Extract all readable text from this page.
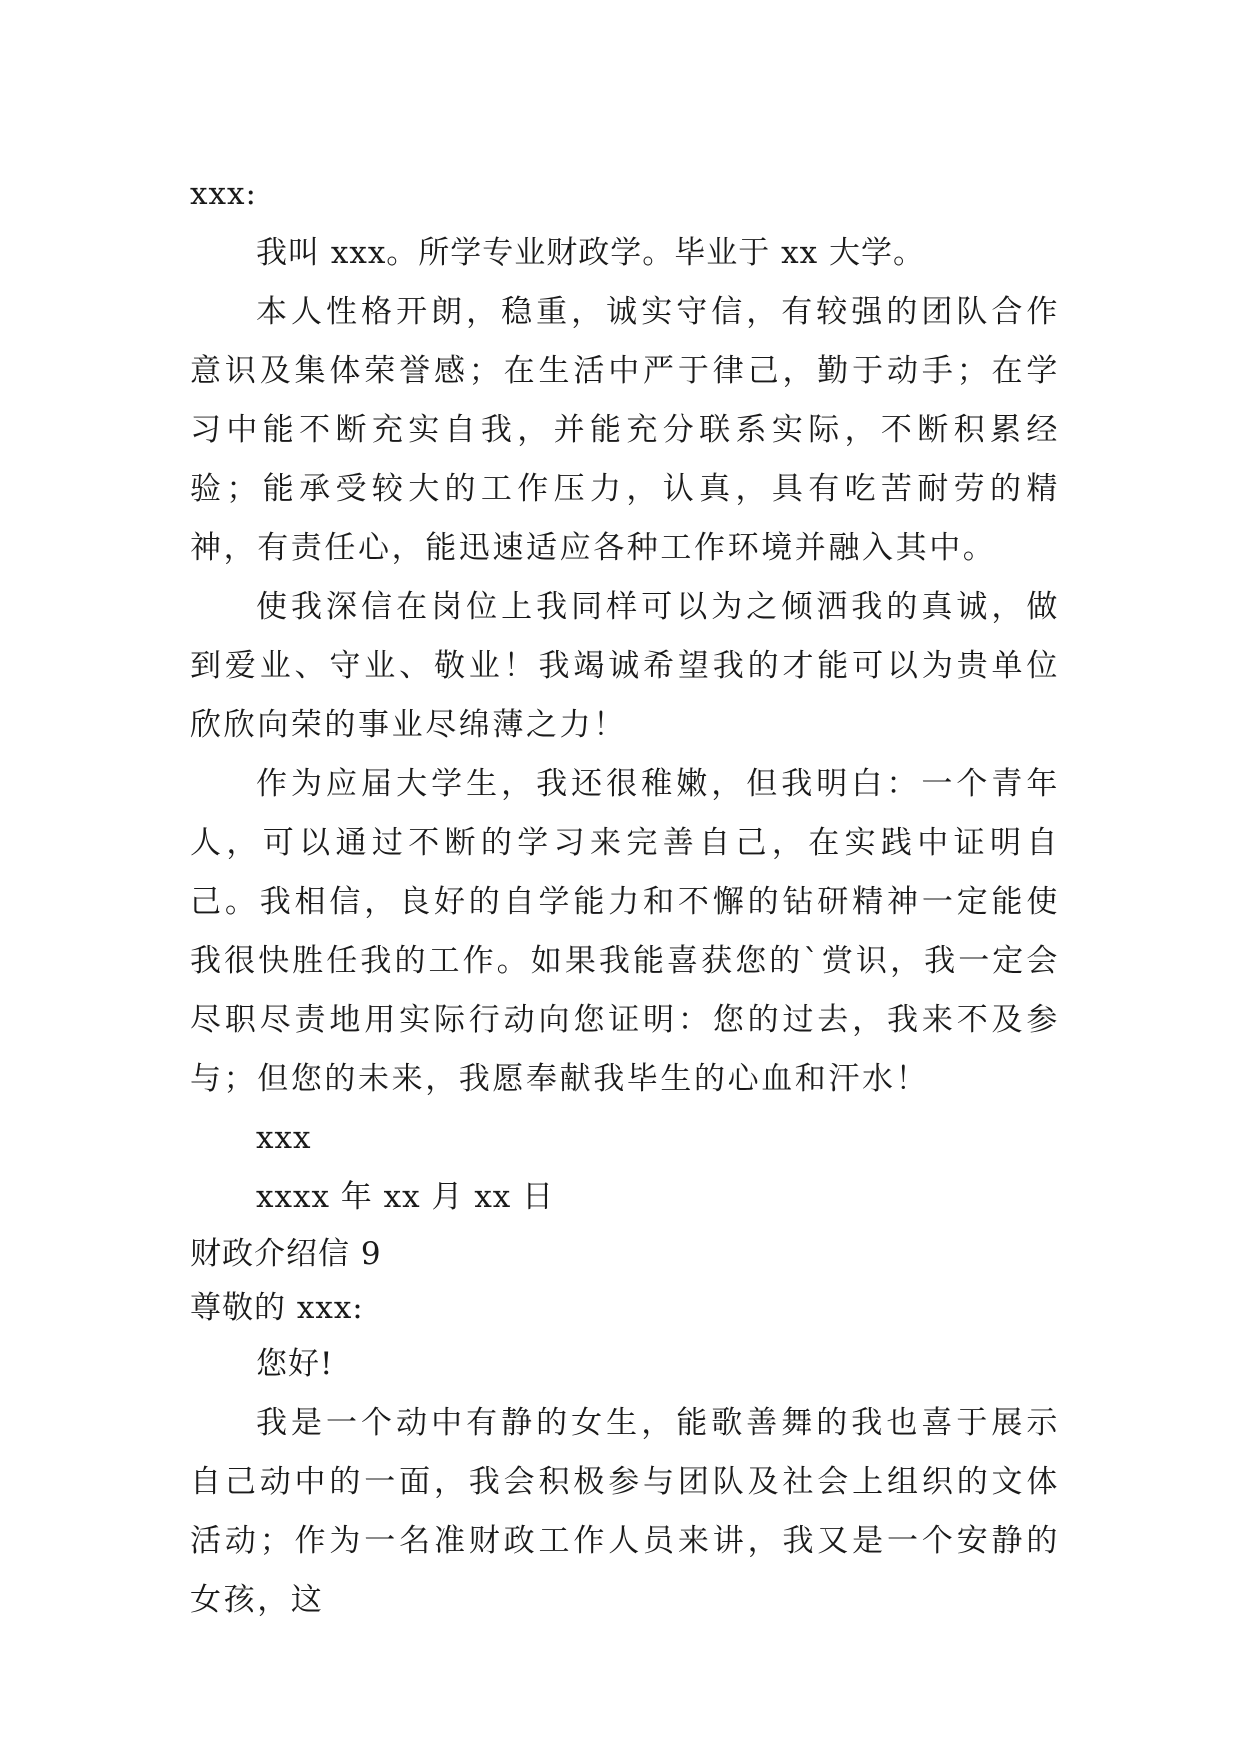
xxx:

我叫 xxx。所学专业财政学。毕业于 xx 大学。

本人性格开朗，稳重，诚实守信，有较强的团队合作意识及集体荣誉感；在生活中严于律己，勤于动手；在学习中能不断充实自我，并能充分联系实际，不断积累经验；能承受较大的工作压力，认真，具有吃苦耐劳的精神，有责任心，能迅速适应各种工作环境并融入其中。

使我深信在岗位上我同样可以为之倾洒我的真诚，做到爱业、守业、敬业！我竭诚希望我的才能可以为贵单位欣欣向荣的事业尽绵薄之力！

作为应届大学生，我还很稚嫩，但我明白：一个青年人，可以通过不断的学习来完善自己，在实践中证明自己。我相信，良好的自学能力和不懈的钻研精神一定能使我很快胜任我的工作。如果我能喜获您的`赏识，我一定会尽职尽责地用实际行动向您证明：您的过去，我来不及参与；但您的未来，我愿奉献我毕生的心血和汗水！

xxx

xxxx 年 xx 月 xx 日

财政介绍信 9

尊敬的 xxx:

您好!

我是一个动中有静的女生，能歌善舞的我也喜于展示自己动中的一面，我会积极参与团队及社会上组织的文体活动；作为一名准财政工作人员来讲，我又是一个安静的女孩，这
